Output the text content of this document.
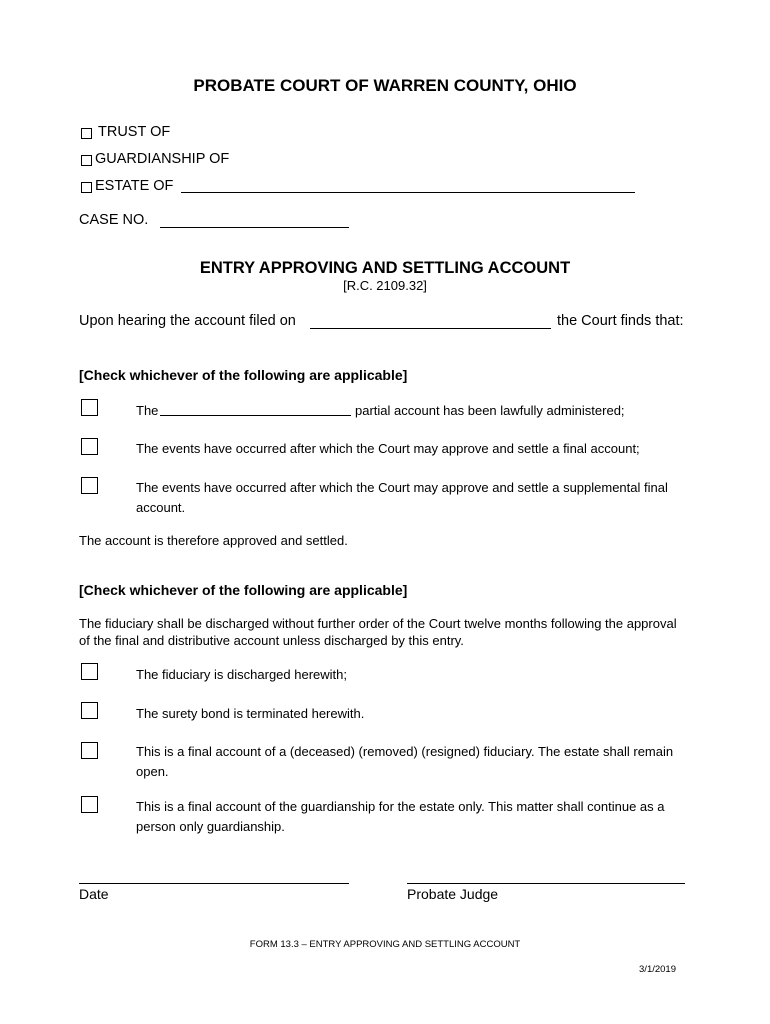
PROBATE COURT OF WARREN COUNTY, OHIO
TRUST OF
GUARDIANSHIP OF
ESTATE OF
CASE NO.
ENTRY APPROVING AND SETTLING ACCOUNT
[R.C. 2109.32]
Upon hearing the account filed on	the Court finds that:
[Check whichever of the following are applicable]
The	partial account has been lawfully administered;
The events have occurred after which the Court may approve and settle a final account;
The events have occurred after which the Court may approve and settle a supplemental final account.
The account is therefore approved and settled.
[Check whichever of the following are applicable]
The fiduciary shall be discharged without further order of the Court twelve months following the approval of the final and distributive account unless discharged by this entry.
The fiduciary is discharged herewith;
The surety bond is terminated herewith.
This is a final account of a (deceased) (removed) (resigned) fiduciary. The estate shall remain open.
This is a final account of the guardianship for the estate only. This matter shall continue as a person only guardianship.
Date	Probate Judge
FORM 13.3 – ENTRY APPROVING AND SETTLING ACCOUNT
3/1/2019
